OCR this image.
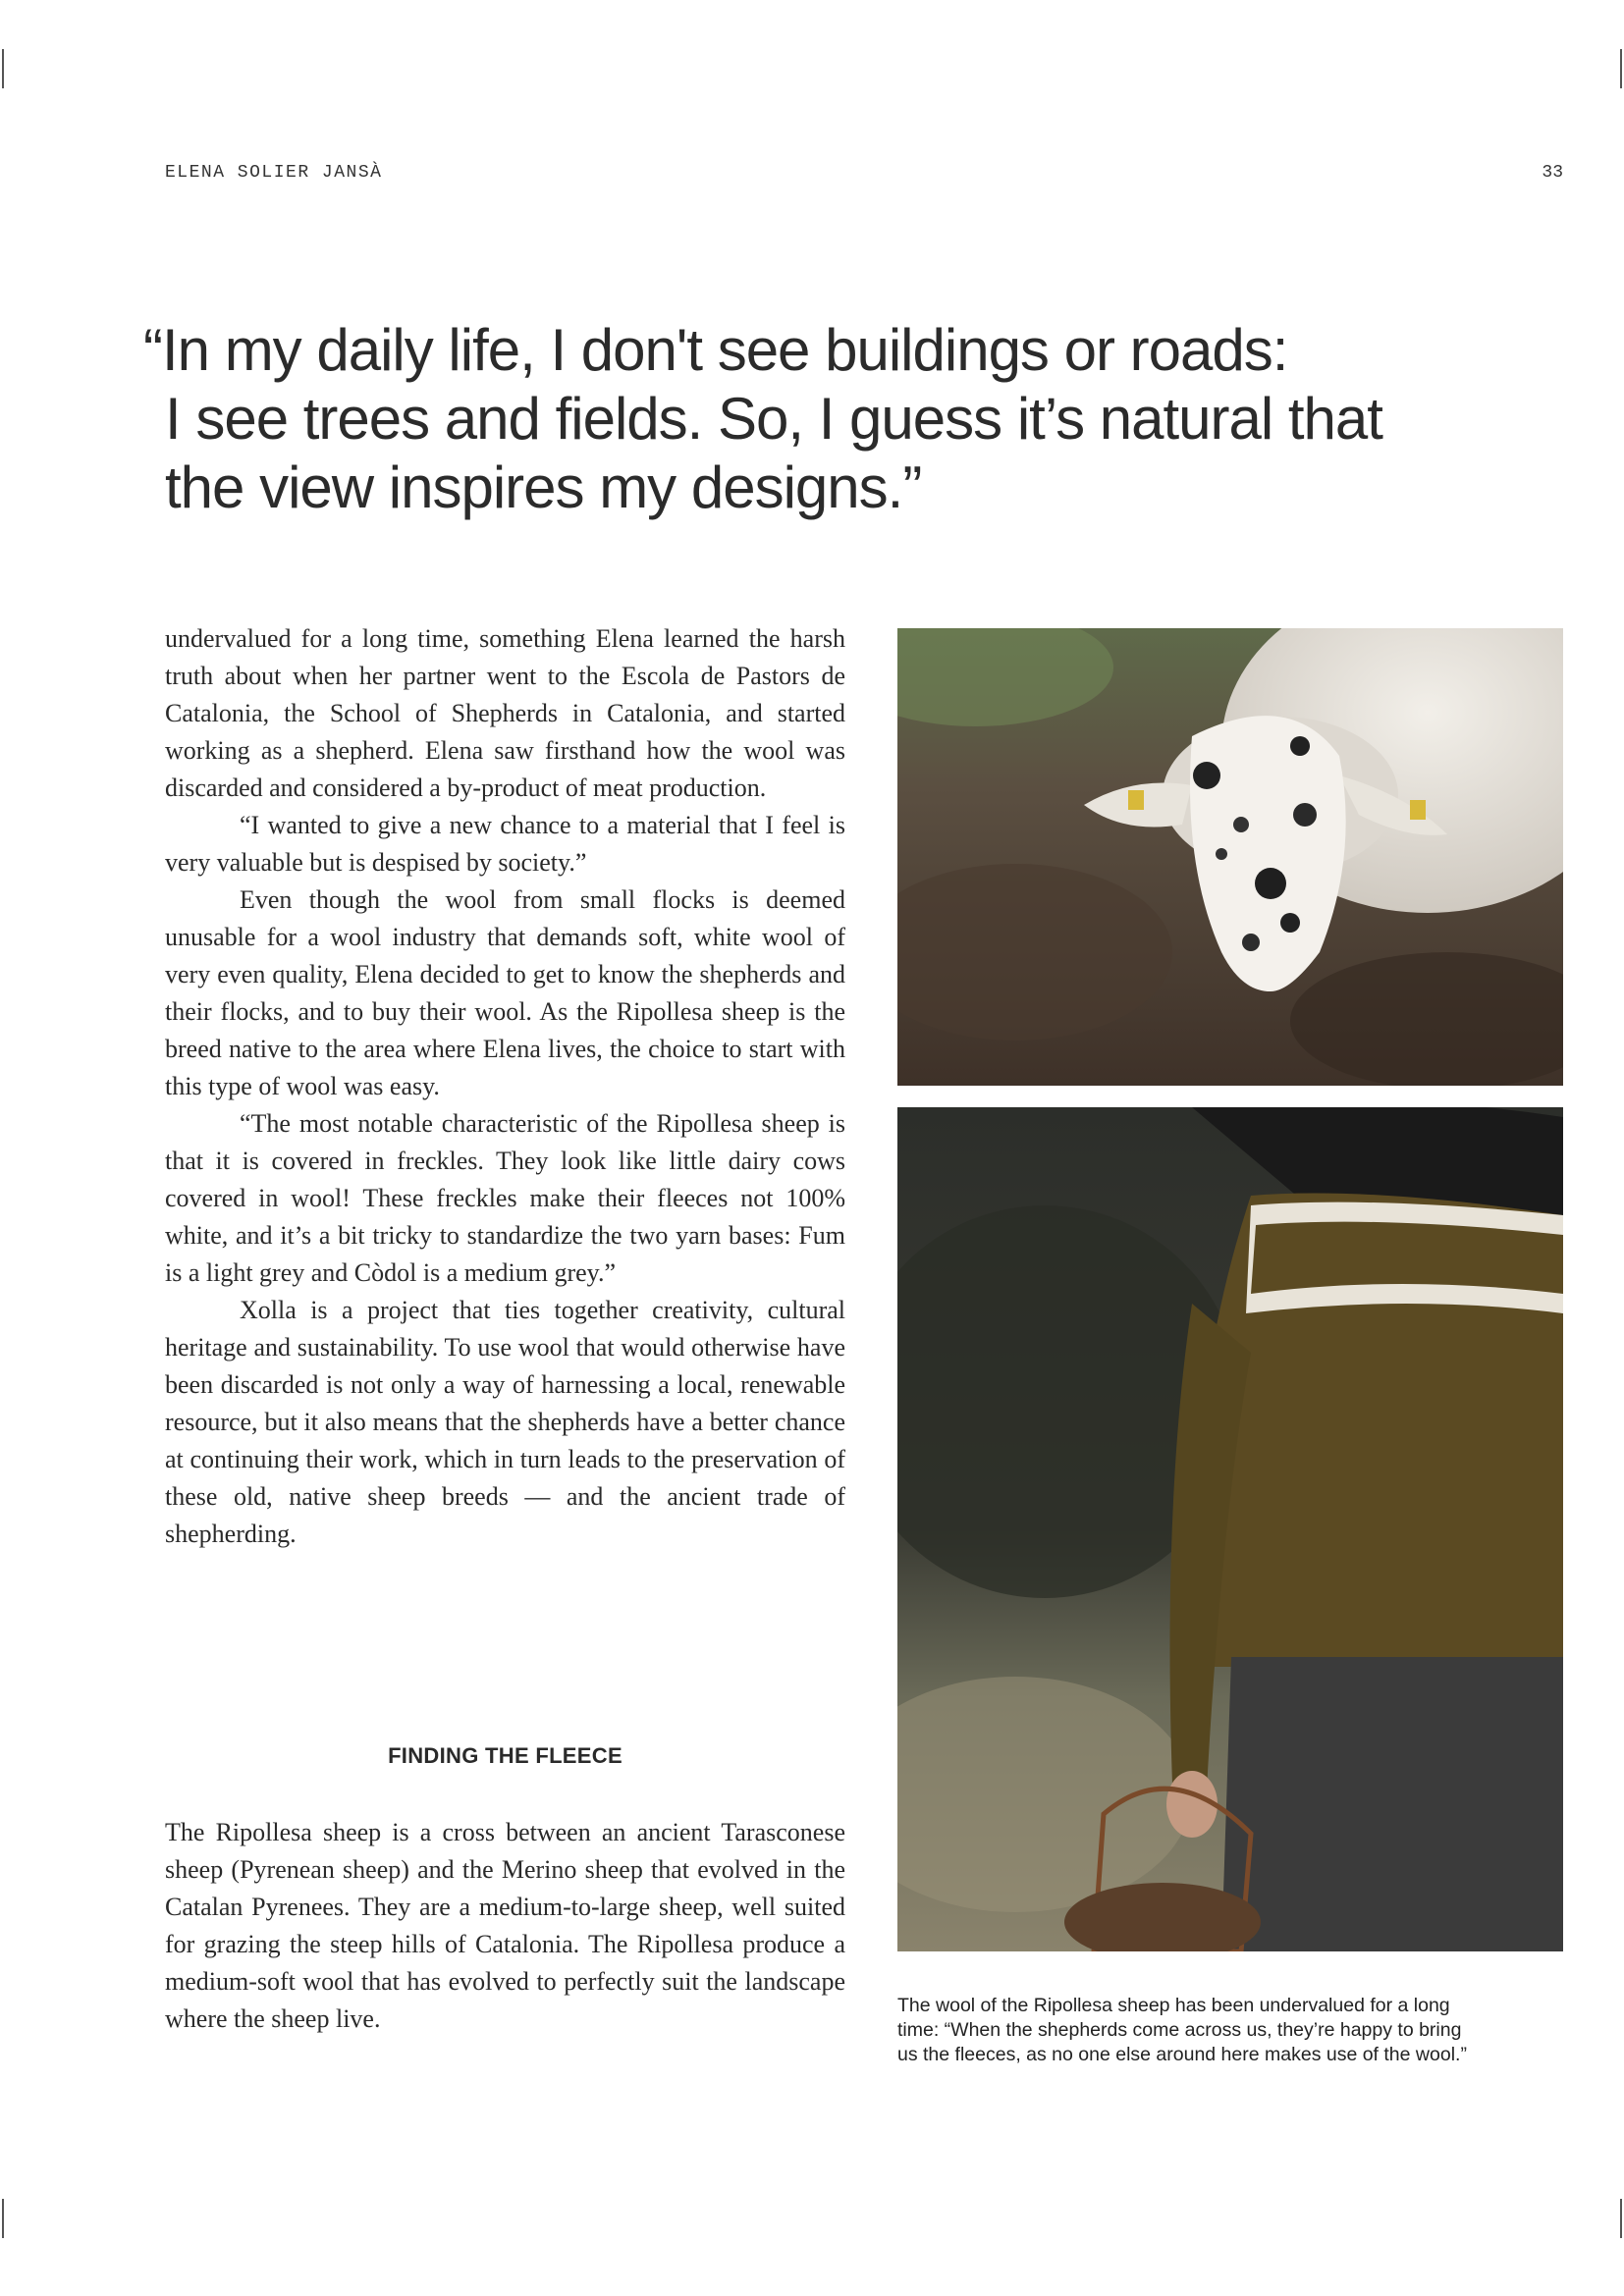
ELENA SOLIER JANSÀ	33
“In my daily life, I don't see buildings or roads:
I see trees and fields. So, I guess it’s natural that
the view inspires my designs.”

undervalued for a long time, something Elena learned the harsh truth about when her partner went to the Escola de Pastors de Catalonia, the School of Shepherds in Catalonia, and started working as a shepherd. Elena saw firsthand how the wool was discarded and considered a by-product of meat production.

“I wanted to give a new chance to a material that I feel is very valuable but is despised by society.”

Even though the wool from small flocks is deemed unusable for a wool industry that demands soft, white wool of very even quality, Elena decided to get to know the shepherds and their flocks, and to buy their wool. As the Ripollesa sheep is the breed native to the area where Elena lives, the choice to start with this type of wool was easy.

“The most notable characteristic of the Ripollesa sheep is that it is covered in freckles. They look like little dairy cows covered in wool! These freckles make their fleeces not 100% white, and it’s a bit tricky to standardize the two yarn bases: Fum is a light grey and Còdol is a medium grey.”

Xolla is a project that ties together creativity, cultural heritage and sustainability. To use wool that would otherwise have been discarded is not only a way of harnessing a local, renewable resource, but it also means that the shepherds have a better chance at continuing their work, which in turn leads to the preservation of these old, native sheep breeds — and the ancient trade of shepherding.

FINDING THE FLEECE

The Ripollesa sheep is a cross between an ancient Tarasconese sheep (Pyrenean sheep) and the Merino sheep that evolved in the Catalan Pyrenees. They are a medium-to-large sheep, well suited for grazing the steep hills of Catalonia. The Ripollesa produce a medium-soft wool that has evolved to perfectly suit the landscape where the sheep live.	The wool of the Ripollesa sheep has been undervalued for a long
time: “When the shepherds come across us, they’re happy to bring
us the fleeces, as no one else around here makes use of the wool.”
